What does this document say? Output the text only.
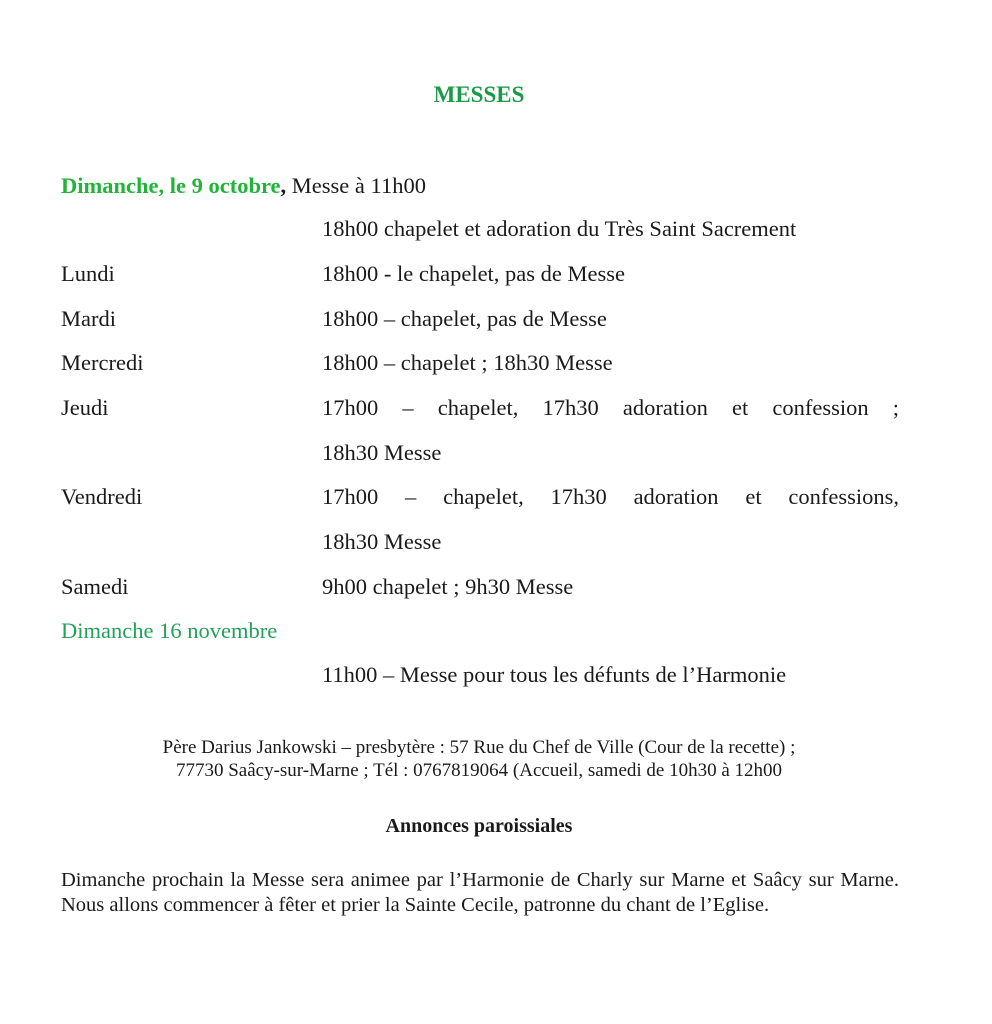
MESSES
Dimanche, le 9 octobre, Messe à 11h00
18h00 chapelet et adoration du Très Saint Sacrement
Lundi	18h00 - le chapelet, pas de Messe
Mardi	18h00 – chapelet, pas de Messe
Mercredi	18h00 – chapelet ; 18h30 Messe
Jeudi	17h00 – chapelet, 17h30 adoration et confession ;
18h30 Messe
Vendredi	17h00 – chapelet, 17h30 adoration et confessions,
18h30 Messe
Samedi	9h00 chapelet ; 9h30 Messe
Dimanche 16 novembre
11h00 – Messe pour tous les défunts de l’Harmonie
Père Darius Jankowski – presbytère : 57 Rue du Chef de Ville (Cour de la recette) ;
77730 Saâcy-sur-Marne ; Tél : 0767819064 (Accueil, samedi de 10h30 à 12h00
Annonces paroissiales
Dimanche prochain la Messe sera animee par l’Harmonie de Charly sur Marne et Saâcy sur Marne. Nous allons commencer à fêter et prier la Sainte Cecile, patronne du chant de l’Eglise.
